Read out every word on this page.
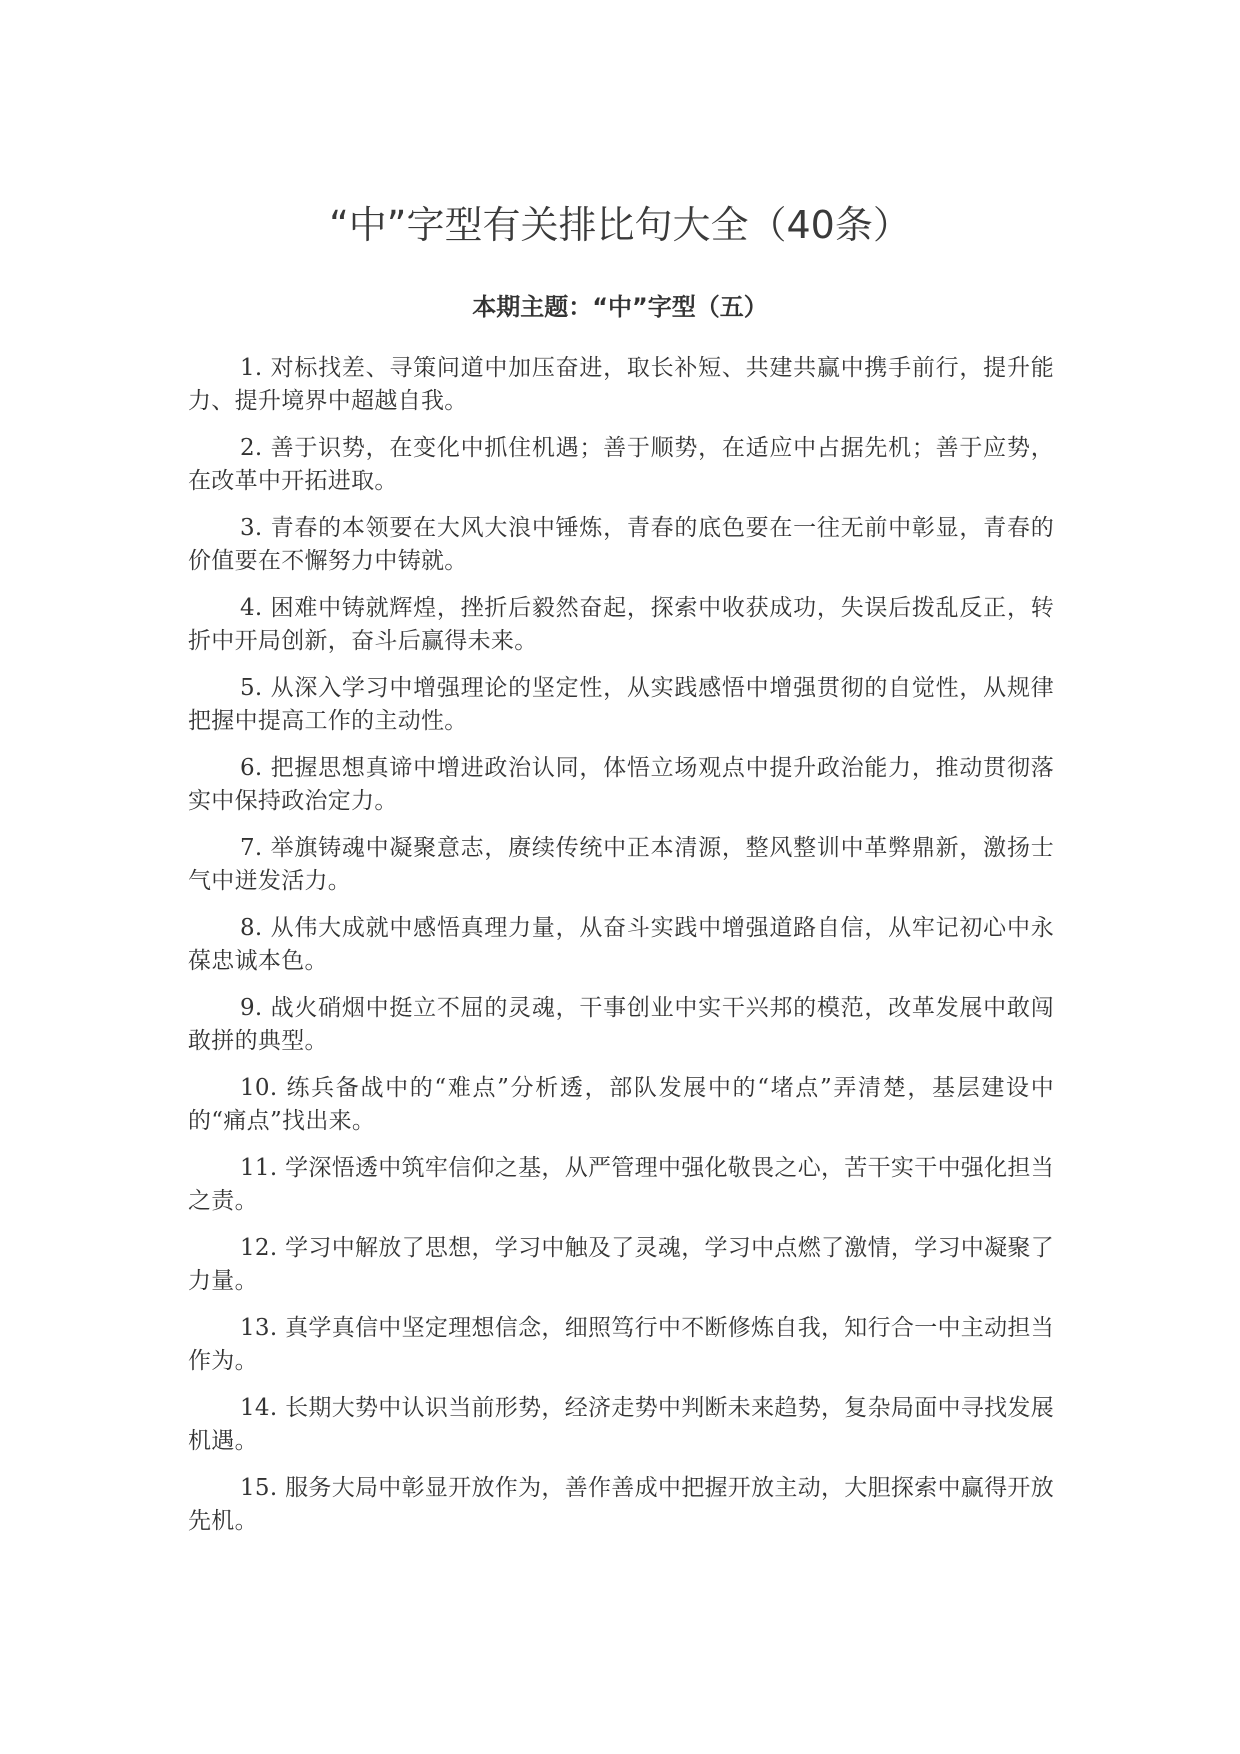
“中”字型有关排比句大全（40条）
本期主题：“中”字型（五）
1. 对标找差、寻策问道中加压奋进，取长补短、共建共赢中携手前行，提升能力、提升境界中超越自我。
2. 善于识势，在变化中抓住机遇；善于顺势，在适应中占据先机；善于应势，在改革中开拓进取。
3. 青春的本领要在大风大浪中锤炼，青春的底色要在一往无前中彰显，青春的价值要在不懈努力中铸就。
4. 困难中铸就辉煌，挫折后毅然奋起，探索中收获成功，失误后拨乱反正，转折中开局创新，奋斗后赢得未来。
5. 从深入学习中增强理论的坚定性，从实践感悟中增强贯彻的自觉性，从规律把握中提高工作的主动性。
6. 把握思想真谛中增进政治认同，体悟立场观点中提升政治能力，推动贯彻落实中保持政治定力。
7. 举旗铸魂中凝聚意志，赓续传统中正本清源，整风整训中革弊鼎新，激扬士气中迸发活力。
8. 从伟大成就中感悟真理力量，从奋斗实践中增强道路自信，从牢记初心中永葆忠诚本色。
9. 战火硝烟中挺立不屈的灵魂，干事创业中实干兴邦的模范，改革发展中敢闯敢拼的典型。
10. 练兵备战中的“难点”分析透，部队发展中的“堵点”弄清楚，基层建设中的“痛点”找出来。
11. 学深悟透中筑牢信仰之基，从严管理中强化敬畏之心，苦干实干中强化担当之责。
12. 学习中解放了思想，学习中触及了灵魂，学习中点燃了激情，学习中凝聚了力量。
13. 真学真信中坚定理想信念，细照笃行中不断修炼自我，知行合一中主动担当作为。
14. 长期大势中认识当前形势，经济走势中判断未来趋势，复杂局面中寻找发展机遇。
15. 服务大局中彰显开放作为，善作善成中把握开放主动，大胆探索中赢得开放先机。
